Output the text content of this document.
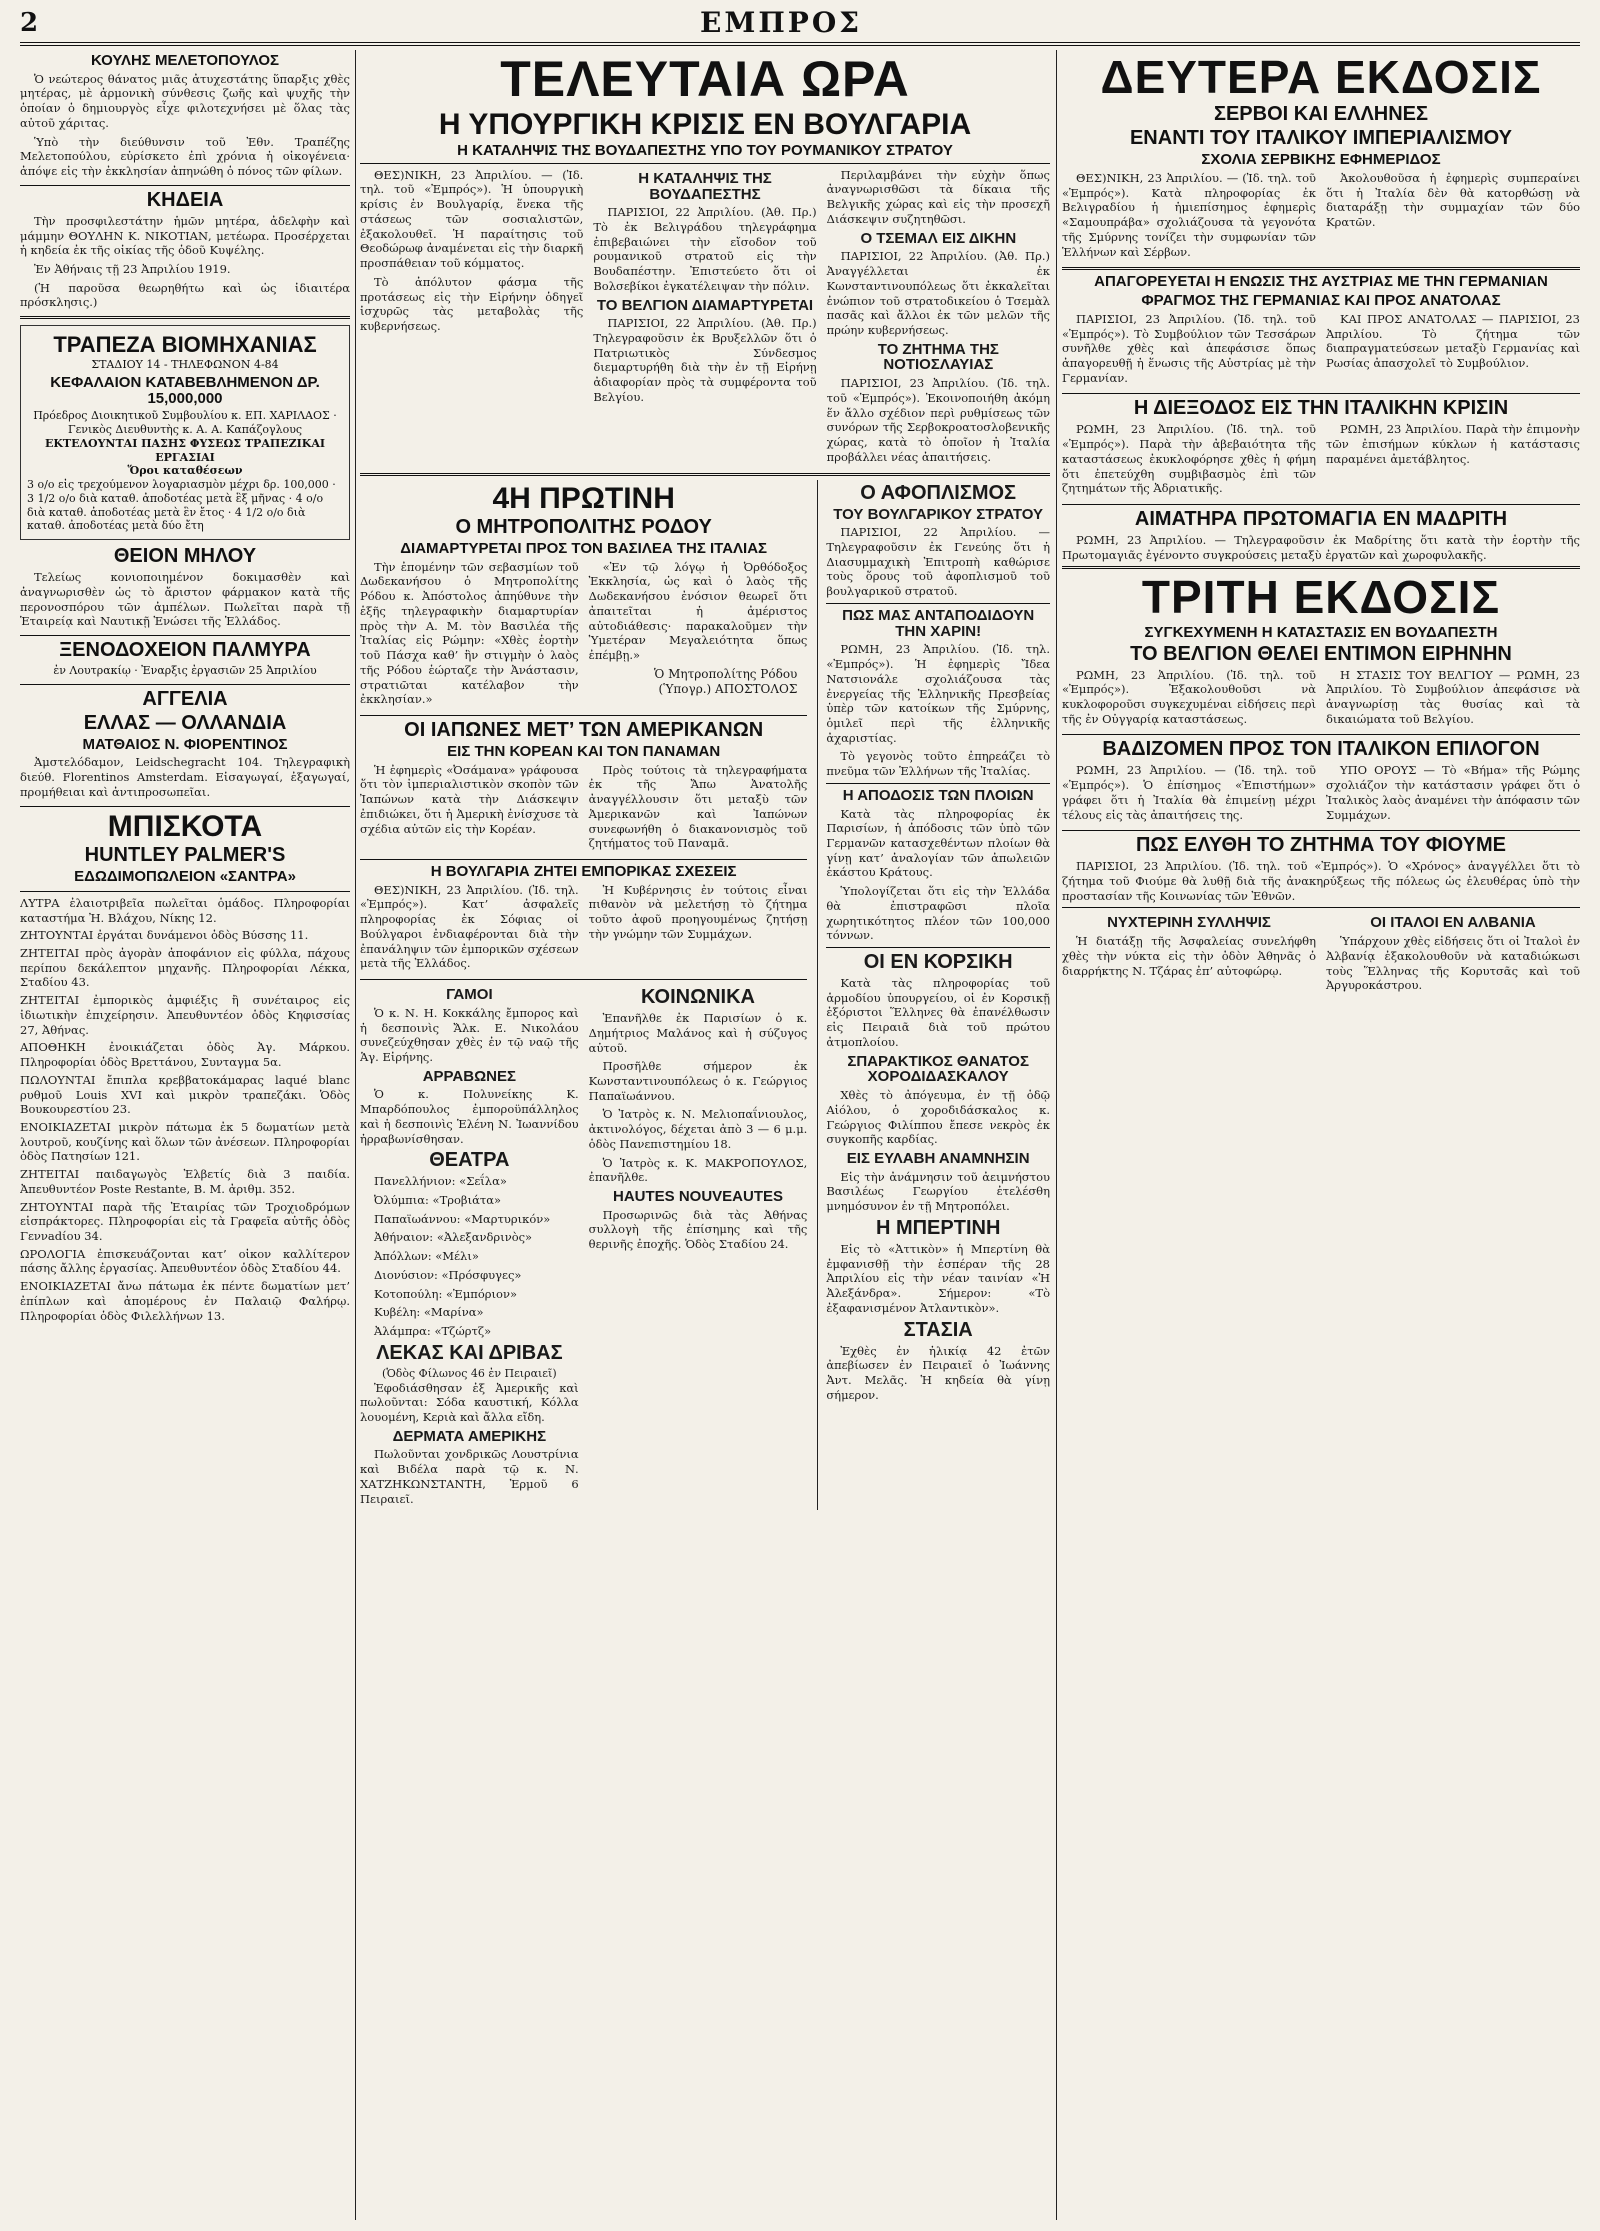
2	ΕΜΠΡΟΣ
ΚΟΥΛΗΣ ΜΕΛΕΤΟΠΟΥΛΟΣ

Ὁ νεώτερος θάνατος μιᾶς ἀτυχεστάτης ὕπαρξις χθὲς μητέρας, μὲ ἀρμονικὴ σύνθεσις ζωῆς καὶ ψυχῆς τὴν ὁποίαν ὁ δημιουργὸς εἶχε φιλοτεχνήσει μὲ ὅλας τὰς αὐτοῦ χάριτας.

Ὑπὸ τὴν διεύθυνσιν τοῦ Ἐθν. Τραπέζης Μελετοπούλου, εὐρίσκετο ἐπὶ χρόνια ἡ οἰκογένεια· ἀπόψε εἰς τὴν ἐκκλησίαν ἀπηνώθη ὁ πόνος τῶν φίλων.

ΚΗΔΕΙΑ

Τὴν προσφιλεστάτην ἡμῶν μητέρα, ἀδελφὴν καὶ μάμμην ΘΟΥΛΗΝ Κ. ΝΙΚΟΤΙΑΝ, μετέωρα. Προσέρχεται ἡ κηδεία ἐκ τῆς οἰκίας τῆς ὁδοῦ Κυψέλης.

Ἐν Ἀθήναις τῇ 23 Ἀπριλίου 1919.

(Ἡ παροῦσα θεωρηθήτω καὶ ὡς ἰδιαιτέρα πρόσκλησις.)

ΤΡΑΠΕΖΑ ΒΙΟΜΗΧΑΝΙΑΣ
ΣΤΑΔΙΟΥ 14 - ΤΗΛΕΦΩΝΟΝ 4-84
ΚΕΦΑΛΑΙΟΝ ΚΑΤΑΒΕΒΛΗΜΕΝΟΝ ΔΡ. 15,000,000
Πρόεδρος Διοικητικοῦ Συμβουλίου κ. ΕΠ. ΧΑΡΙΛΑΟΣ · Γενικὸς Διευθυντὴς κ. Α. Α. Καπάζογλους
ΕΚΤΕΛΟΥΝΤΑΙ ΠΑΣΗΣ ΦΥΣΕΩΣ ΤΡΑΠΕΖΙΚΑΙ ΕΡΓΑΣΙΑΙ
Ὅροι καταθέσεων
3 ο/ο εἰς τρεχούμενον λογαριασμὸν μέχρι δρ. 100,000 · 3 1/2 ο/ο διὰ καταθ. ἀποδοτέας μετὰ ἓξ μῆνας · 4 ο/ο διὰ καταθ. ἀποδοτέας μετὰ ἓν ἔτος · 4 1/2 ο/ο διὰ καταθ. ἀποδοτέας μετὰ δύο ἔτη
ΘΕΙΟΝ ΜΗΛΟΥ

Τελείως κονιοποιημένον δοκιμασθὲν καὶ ἀναγνωρισθὲν ὡς τὸ ἄριστον φάρμακον κατὰ τῆς περονοσπόρου τῶν ἀμπέλων. Πωλεῖται παρὰ τῇ Ἑταιρείᾳ καὶ Ναυτικῇ Ἑνώσει τῆς Ἑλλάδος.

ΞΕΝΟΔΟΧΕΙΟΝ ΠΑΛΜΥΡΑ
ἐν Λουτρακίῳ · Ἐναρξις ἐργασιῶν 25 Ἀπριλίου
ΑΓΓΕΛΙΑ
ΕΛΛΑΣ — ΟΛΛΑΝΔΙΑ
ΜΑΤΘΑΙΟΣ Ν. ΦΙΟΡΕΝΤΙΝΟΣ

Ἀμστελόδαμον, Leidschegracht 104. Τηλεγραφικὴ διεύθ. Florentinos Amsterdam. Εἰσαγωγαί, ἐξαγωγαί, προμήθειαι καὶ ἀντιπροσωπεῖαι.

ΜΠΙΣΚΟΤΑ
HUNTLEY PALMER'S
ΕΔΩΔΙΜΟΠΩΛΕΙΟΝ «ΣΑΝΤΡΑ»

ΛΥΤΡΑ ἐλαιοτριβεῖα πωλεῖται ὁμάδος. Πληροφορίαι καταστήμα Ἠ. Βλάχου, Νίκης 12.

ΖΗΤΟΥΝΤΑΙ ἐργάται δυνάμενοι ὁδὸς Βύσσης 11.

ΖΗΤΕΙΤΑΙ πρὸς ἀγορὰν ἀποφάνιον εἰς φύλλα, πάχους περίπου δεκάλεπτον μηχανῆς. Πληροφορίαι Λέκκα, Σταδίου 43.

ΖΗΤΕΙΤΑΙ ἐμπορικὸς ἀμφιέξις ἢ συνέταιρος εἰς ἰδιωτικὴν ἐπιχείρησιν. Ἀπευθυντέον ὁδὸς Κηφισσίας 27, Ἀθήνας.

ΑΠΟΘΗΚΗ ἐνοικιάζεται ὁδὸς Ἀγ. Μάρκου. Πληροφορίαι ὁδὸς Βρεττάνου, Συνταγμα 5α.

ΠΩΛΟΥΝΤΑΙ ἔπιπλα κρεββατοκάμαρας laqué blanc ρυθμοῦ Louis XVI καὶ μικρὸν τραπεζάκι. Ὁδὸς Βουκουρεστίου 23.

ΕΝΟΙΚΙΑΖΕΤΑΙ μικρὸν πάτωμα ἐκ 5 δωματίων μετὰ λουτροῦ, κουζίνης καὶ ὅλων τῶν ἀνέσεων. Πληροφορίαι ὁδὸς Πατησίων 121.

ΖΗΤΕΙΤΑΙ παιδαγωγὸς Ἑλβετίς διὰ 3 παιδία. Ἀπευθυντέον Poste Restante, Β. Μ. ἀριθμ. 352.

ΖΗΤΟΥΝΤΑΙ παρὰ τῆς Ἑταιρίας τῶν Τροχιοδρόμων εἰσπράκτορες. Πληροφορίαι εἰς τὰ Γραφεῖα αὐτῆς ὁδὸς Γεννadίου 34.

ΩΡΟΛΟΓΙΑ ἐπισκευάζονται κατ’ οἰκον καλλίτερον πάσης ἄλλης ἐργασίας. Ἀπευθυντέον ὁδὸς Σταδίου 44.

ΕΝΟΙΚΙΑΖΕΤΑΙ ἄνω πάτωμα ἐκ πέντε δωματίων μετ’ ἐπίπλων καὶ ἀπομέρους ἐν Παλαιῷ Φαλήρῳ. Πληροφορίαι ὁδὸς Φιλελλήνων 13.

ΤΕΛΕΥΤΑΙΑ ΩΡΑ
Η ΥΠΟΥΡΓΙΚΗ ΚΡΙΣΙΣ ΕΝ ΒΟΥΛΓΑΡΙΑ
Η ΚΑΤΑΛΗΨΙΣ ΤΗΣ ΒΟΥΔΑΠΕΣΤΗΣ ΥΠΟ ΤΟΥ ΡΟΥΜΑΝΙΚΟΥ ΣΤΡΑΤΟΥ

ΘΕΣ)ΝΙΚΗ, 23 Ἀπριλίου. — (Ἰδ. τηλ. τοῦ «Ἐμπρός»). Ἡ ὑπουργικὴ κρίσις ἐν Βουλγαρίᾳ, ἕνεκα τῆς στάσεως τῶν σοσιαλιστῶν, ἐξακολουθεῖ. Ἡ παραίτησις τοῦ Θεοδώρωφ ἀναμένεται εἰς τὴν διαρκῆ προσπάθειαν τοῦ κόμματος.

Τὸ ἀπόλυτον φάσμα τῆς προτάσεως εἰς τὴν Εἰρήνην ὁδηγεῖ ἰσχυρῶς τὰς μεταβολὰς τῆς κυβερνήσεως.

Η ΚΑΤΑΛΗΨΙΣ ΤΗΣ ΒΟΥΔΑΠΕΣΤΗΣ

ΠΑΡΙΣΙΟΙ, 22 Ἀπριλίου. (Ἀθ. Πρ.) Τὸ ἐκ Βελιγράδου τηλεγράφημα ἐπιβεβαιώνει τὴν εἴσοδον τοῦ ρουμανικοῦ στρατοῦ εἰς τὴν Βουδαπέστην. Ἐπιστεύετο ὅτι οἱ Βολσεβίκοι ἐγκατέλειψαν τὴν πόλιν.

ΤΟ ΒΕΛΓΙΟΝ ΔΙΑΜΑΡΤΥΡΕΤΑΙ

ΠΑΡΙΣΙΟΙ, 22 Ἀπριλίου. (Ἀθ. Πρ.) Τηλεγραφοῦσιν ἐκ Βρυξελλῶν ὅτι ὁ Πατριωτικὸς Σύνδεσμος διεμαρτυρήθη διὰ τὴν ἐν τῇ Εἰρήνῃ ἀδιαφορίαν πρὸς τὰ συμφέροντα τοῦ Βελγίου.

Περιλαμβάνει τὴν εὐχὴν ὅπως ἀναγνωρισθῶσι τὰ δίκαια τῆς Βελγικῆς χώρας καὶ εἰς τὴν προσεχῆ Διάσκεψιν συζητηθῶσι.

Ο ΤΣΕΜΑΛ ΕΙΣ ΔΙΚΗΝ

ΠΑΡΙΣΙΟΙ, 22 Ἀπριλίου. (Ἀθ. Πρ.) Ἀναγγέλλεται ἐκ Κωνσταντινουπόλεως ὅτι ἐκκαλεῖται ἐνώπιον τοῦ στρατοδικείου ὁ Τσεμὰλ πασᾶς καὶ ἄλλοι ἐκ τῶν μελῶν τῆς πρώην κυβερνήσεως.

ΤΟ ΖΗΤΗΜΑ ΤΗΣ ΝΟΤΙΟΣΛΑΥΙΑΣ

ΠΑΡΙΣΙΟΙ, 23 Ἀπριλίου. (Ἰδ. τηλ. τοῦ «Ἐμπρός»). Ἐκοινοποιήθη ἀκόμη ἕν ἄλλο σχέδιον περὶ ρυθμίσεως τῶν συνόρων τῆς Σερβοκροατοσλοβενικῆς χώρας, κατὰ τὸ ὁποῖον ἡ Ἰταλία προβάλλει νέας ἀπαιτήσεις.

4Η ΠΡΩΤΙΝΗ
Ο ΜΗΤΡΟΠΟΛΙΤΗΣ ΡΟΔΟΥ
ΔΙΑΜΑΡΤΥΡΕΤΑΙ ΠΡΟΣ ΤΟΝ ΒΑΣΙΛΕΑ ΤΗΣ ΙΤΑΛΙΑΣ

Τὴν ἐπομένην τῶν σεβασμίων τοῦ Δωδεκανήσου ὁ Μητροπολίτης Ρόδου κ. Ἀπόστολος ἀπηύθυνε τὴν ἑξῆς τηλεγραφικὴν διαμαρτυρίαν πρὸς τὴν Α. Μ. τὸν Βασιλέα τῆς Ἰταλίας εἰς Ρώμην: «Χθὲς ἑορτὴν τοῦ Πάσχα καθ’ ἣν στιγμὴν ὁ λαὸς τῆς Ρόδου ἑώρταζε τὴν Ἀνάστασιν, στρατιῶται κατέλαβον τὴν ἐκκλησίαν.»

«Ἐν τῷ λόγῳ ἡ Ὀρθόδοξος Ἐκκλησία, ὡς καὶ ὁ λαὸς τῆς Δωδεκανήσου ἐνόσιον θεωρεῖ ὅτι ἀπαιτεῖται ἡ ἀμέριστος αὐτοδιάθεσις· παρακαλοῦμεν τὴν Ὑμετέραν Μεγαλειότητα ὅπως ἐπέμβῃ.»

Ὁ Μητροπολίτης Ρόδου (Ὑπογρ.) ΑΠΟΣΤΟΛΟΣ
ΟΙ ΙΑΠΩΝΕΣ ΜΕΤ’ ΤΩΝ ΑΜΕΡΙΚΑΝΩΝ
ΕΙΣ ΤΗΝ ΚΟΡΕΑΝ ΚΑΙ ΤΟΝ ΠΑΝΑΜΑΝ

Ἡ ἐφημερὶς «Ὀσάμανα» γράφουσα ὅτι τὸν ἰμπεριαλιστικὸν σκοπὸν τῶν Ἰαπώνων κατὰ τὴν Διάσκεψιν ἐπιδιώκει, ὅτι ἡ Ἀμερικὴ ἐνίσχυσε τὰ σχέδια αὐτῶν εἰς τὴν Κορέαν.

Πρὸς τούτοις τὰ τηλεγραφήματα ἐκ τῆς Ἄπω Ἀνατολῆς ἀναγγέλλουσιν ὅτι μεταξὺ τῶν Ἀμερικανῶν καὶ Ἰαπώνων συνεφωνήθη ὁ διακανονισμὸς τοῦ ζητήματος τοῦ Παναμᾶ.

Η ΒΟΥΛΓΑΡΙΑ ΖΗΤΕΙ ΕΜΠΟΡΙΚΑΣ ΣΧΕΣΕΙΣ

ΘΕΣ)ΝΙΚΗ, 23 Ἀπριλίου. (Ἰδ. τηλ. «Ἐμπρός»). Κατ’ ἀσφαλεῖς πληροφορίας ἐκ Σόφιας οἱ Βούλγαροι ἐνδιαφέρονται διὰ τὴν ἐπανάληψιν τῶν ἐμπορικῶν σχέσεων μετὰ τῆς Ἑλλάδος.

Ἡ Κυβέρνησις ἐν τούτοις εἶναι πιθανὸν νὰ μελετήσῃ τὸ ζήτημα τοῦτο ἀφοῦ προηγουμένως ζητήσῃ τὴν γνώμην τῶν Συμμάχων.

ΓΑΜΟΙ

Ὁ κ. Ν. Η. Κοκκάλης ἔμπορος καὶ ἡ δεσποινὶς Ἄλκ. Ε. Νικολάου συνεζεύχθησαν χθὲς ἐν τῷ ναῷ τῆς Ἁγ. Εἰρήνης.

ΑΡΡΑΒΩΝΕΣ

Ὁ κ. Πολυνείκης Κ. Μπαρδόπουλος ἐμποροϋπάλληλος καὶ ἡ δεσποινὶς Ἑλένη Ν. Ἰωαννίδου ἠρραβωνίσθησαν.

ΘΕΑΤΡΑ

Πανελλήνιον: «Σεΐλα»

Ὀλύμπια: «Τροβιάτα»

Παπαϊωάννου: «Μαρτυρικόν»

Ἀθήναιον: «Ἀλεξανδρινὸς»

Ἀπόλλων: «Μέλι»

Διονύσιον: «Πρόσφυγες»

Κοτοπούλη: «Ἐμπόριον»

Κυβέλη: «Μαρίνα»

Ἀλάμπρα: «Τζώρτζ»

ΛΕΚΑΣ ΚΑΙ ΔΡΙΒΑΣ
(Ὁδὸς Φίλωνος 46 ἐν Πειραιεῖ)

Ἐφοδιάσθησαν ἐξ Ἀμερικῆς καὶ πωλοῦνται: Σόδα καυστική, Κόλλα λουομένη, Κεριὰ καὶ ἄλλα εἴδη.

ΔΕΡΜΑΤΑ ΑΜΕΡΙΚΗΣ

Πωλοῦνται χονδρικῶς Λουστρίνια καὶ Βιδέλα παρὰ τῷ κ. Ν. ΧΑΤΖΗΚΩΝΣΤΑΝΤΗ, Ἑρμοῦ 6 Πειραιεῖ.

ΚΟΙΝΩΝΙΚΑ

Ἐπανῆλθε ἐκ Παρισίων ὁ κ. Δημήτριος Μαλάνος καὶ ἡ σύζυγος αὐτοῦ.

Προσῆλθε σήμερον ἐκ Κωνσταντινουπόλεως ὁ κ. Γεώργιος Παπαϊωάννου.

Ὁ Ἰατρὸς κ. Ν. Μελιοπαΐνιουλος, ἀκτινολόγος, δέχεται ἀπὸ 3 — 6 μ.μ. ὁδὸς Πανεπιστημίου 18.

Ὁ Ἰατρὸς κ. Κ. ΜΑΚΡΟΠΟΥΛΟΣ, ἐπανῆλθε.

HAUTES NOUVEAUTES

Προσωρινῶς διὰ τὰς Ἀθήνας συλλογὴ τῆς ἐπίσημης καὶ τῆς θερινῆς ἐποχῆς. Ὁδὸς Σταδίου 24.

Ο ΑΦΟΠΛΙΣΜΟΣ
ΤΟΥ ΒΟΥΛΓΑΡΙΚΟΥ ΣΤΡΑΤΟΥ

ΠΑΡΙΣΙΟΙ, 22 Ἀπριλίου. — Τηλεγραφοῦσιν ἐκ Γενεύης ὅτι ἡ Διασυμμαχικὴ Ἐπιτροπὴ καθώρισε τοὺς ὅρους τοῦ ἀφοπλισμοῦ τοῦ βουλγαρικοῦ στρατοῦ.

ΠΩΣ ΜΑΣ ΑΝΤΑΠΟΔΙΔΟΥΝ ΤΗΝ ΧΑΡΙΝ!

ΡΩΜΗ, 23 Ἀπριλίου. (Ἰδ. τηλ. «Ἐμπρός»). Ἡ ἐφημερὶς Ἴδεα Νατσιονάλε σχολιάζουσα τὰς ἐνεργείας τῆς Ἑλληνικῆς Πρεσβείας ὑπὲρ τῶν κατοίκων τῆς Σμύρνης, ὁμιλεῖ περὶ τῆς ἐλληνικῆς ἀχαριστίας.

Τὸ γεγονὸς τοῦτο ἐπηρεάζει τὸ πνεῦμα τῶν Ἑλλήνων τῆς Ἰταλίας.

Η ΑΠΟΔΟΣΙΣ ΤΩΝ ΠΛΟΙΩΝ

Κατὰ τὰς πληροφορίας ἐκ Παρισίων, ἡ ἀπόδοσις τῶν ὑπὸ τῶν Γερμανῶν κατασχεθέντων πλοίων θὰ γίνῃ κατ’ ἀναλογίαν τῶν ἀπωλειῶν ἑκάστου Κράτους.

Ὑπολογίζεται ὅτι εἰς τὴν Ἑλλάδα θὰ ἐπιστραφῶσι πλοῖα χωρητικότητος πλέον τῶν 100,000 τόννων.

ΟΙ ΕΝ ΚΟΡΣΙΚΗ

Κατὰ τὰς πληροφορίας τοῦ ἁρμοδίου ὑπουργείου, οἱ ἐν Κορσικῇ ἐξόριστοι Ἕλληνες θὰ ἐπανέλθωσιν εἰς Πειραιᾶ διὰ τοῦ πρώτου ἀτμοπλοίου.

ΣΠΑΡΑΚΤΙΚΟΣ ΘΑΝΑΤΟΣ ΧΟΡΟΔΙΔΑΣΚΑΛΟΥ

Χθὲς τὸ ἀπόγευμα, ἐν τῇ ὁδῷ Αἰόλου, ὁ χοροδιδάσκαλος κ. Γεώργιος Φιλίππου ἔπεσε νεκρὸς ἐκ συγκοπῆς καρδίας.

ΕΙΣ ΕΥΛΑΒΗ ΑΝΑΜΝΗΣΙΝ

Εἰς τὴν ἀνάμνησιν τοῦ ἀειμνήστου Βασιλέως Γεωργίου ἐτελέσθη μνημόσυνον ἐν τῇ Μητροπόλει.

Η ΜΠΕΡΤΙΝΗ

Εἰς τὸ «Ἀττικὸν» ἡ Μπερτίνη θὰ ἐμφανισθῇ τὴν ἑσπέραν τῆς 28 Ἀπριλίου εἰς τὴν νέαν ταινίαν «Ἡ Ἀλεξάνδρα». Σήμερον: «Τὸ ἐξαφανισμένον Ἀτλαντικὸν».

ΣΤΑΣΙΑ

Ἐχθὲς ἐν ἡλικίᾳ 42 ἐτῶν ἀπεβίωσεν ἐν Πειραιεῖ ὁ Ἰωάννης Ἀντ. Μελᾶς. Ἡ κηδεία θὰ γίνῃ σήμερον.

ΔΕΥΤΕΡΑ ΕΚΔΟΣΙΣ
ΣΕΡΒΟΙ ΚΑΙ ΕΛΛΗΝΕΣ
ΕΝΑΝΤΙ ΤΟΥ ΙΤΑΛΙΚΟΥ ΙΜΠΕΡΙΑΛΙΣΜΟΥ
ΣΧΟΛΙΑ ΣΕΡΒΙΚΗΣ ΕΦΗΜΕΡΙΔΟΣ

ΘΕΣ)ΝΙΚΗ, 23 Ἀπριλίου. — (Ἰδ. τηλ. τοῦ «Ἐμπρός»). Κατὰ πληροφορίας ἐκ Βελιγραδίου ἡ ἡμιεπίσημος ἐφημερὶς «Σαμουπράβα» σχολιάζουσα τὰ γεγονότα τῆς Σμύρνης τονίζει τὴν συμφωνίαν τῶν Ἑλλήνων καὶ Σέρβων.

Ἀκολουθοῦσα ἡ ἐφημερὶς συμπεραίνει ὅτι ἡ Ἰταλία δὲν θὰ κατορθώσῃ νὰ διαταράξῃ τὴν συμμαχίαν τῶν δύο Κρατῶν.

ΑΠΑΓΟΡΕΥΕΤΑΙ Η ΕΝΩΣΙΣ ΤΗΣ ΑΥΣΤΡΙΑΣ ΜΕ ΤΗΝ ΓΕΡΜΑΝΙΑΝ
ΦΡΑΓΜΟΣ ΤΗΣ ΓΕΡΜΑΝΙΑΣ ΚΑΙ ΠΡΟΣ ΑΝΑΤΟΛΑΣ

ΠΑΡΙΣΙΟΙ, 23 Ἀπριλίου. (Ἰδ. τηλ. τοῦ «Ἐμπρός»). Τὸ Συμβούλιον τῶν Τεσσάρων συνῆλθε χθὲς καὶ ἀπεφάσισε ὅπως ἀπαγορευθῇ ἡ ἕνωσις τῆς Αὐστρίας μὲ τὴν Γερμανίαν.

ΚΑΙ ΠΡΟΣ ΑΝΑΤΟΛΑΣ — ΠΑΡΙΣΙΟΙ, 23 Ἀπριλίου. Τὸ ζήτημα τῶν διαπραγματεύσεων μεταξὺ Γερμανίας καὶ Ρωσίας ἀπασχολεῖ τὸ Συμβούλιον.

Η ΔΙΕΞΟΔΟΣ ΕΙΣ ΤΗΝ ΙΤΑΛΙΚΗΝ ΚΡΙΣΙΝ

ΡΩΜΗ, 23 Ἀπριλίου. (Ἰδ. τηλ. τοῦ «Ἐμπρός»). Παρὰ τὴν ἀβεβαιότητα τῆς καταστάσεως ἐκυκλοφόρησε χθὲς ἡ φήμη ὅτι ἐπετεύχθη συμβιβασμὸς ἐπὶ τῶν ζητημάτων τῆς Ἀδριατικῆς.

ΡΩΜΗ, 23 Ἀπριλίου. Παρὰ τὴν ἐπιμονὴν τῶν ἐπισήμων κύκλων ἡ κατάστασις παραμένει ἀμετάβλητος.

ΑΙΜΑΤΗΡΑ ΠΡΩΤΟΜΑΓΙΑ ΕΝ ΜΑΔΡΙΤΗ

ΡΩΜΗ, 23 Ἀπριλίου. — Τηλεγραφοῦσιν ἐκ Μαδρίτης ὅτι κατὰ τὴν ἑορτὴν τῆς Πρωτομαγιᾶς ἐγένοντο συγκρούσεις μεταξὺ ἐργατῶν καὶ χωροφυλακῆς.

ΤΡΙΤΗ ΕΚΔΟΣΙΣ
ΣΥΓΚΕΧΥΜΕΝΗ Η ΚΑΤΑΣΤΑΣΙΣ ΕΝ ΒΟΥΔΑΠΕΣΤΗ
ΤΟ ΒΕΛΓΙΟΝ ΘΕΛΕΙ ΕΝΤΙΜΟΝ ΕΙΡΗΝΗΝ

ΡΩΜΗ, 23 Ἀπριλίου. (Ἰδ. τηλ. τοῦ «Ἐμπρός»). Ἐξακολουθοῦσι νὰ κυκλοφοροῦσι συγκεχυμέναι εἰδήσεις περὶ τῆς ἐν Οὐγγαρίᾳ καταστάσεως.

Η ΣΤΑΣΙΣ ΤΟΥ ΒΕΛΓΙΟΥ — ΡΩΜΗ, 23 Ἀπριλίου. Τὸ Συμβούλιον ἀπεφάσισε νὰ ἀναγνωρίσῃ τὰς θυσίας καὶ τὰ δικαιώματα τοῦ Βελγίου.

ΒΑΔΙΖΟΜΕΝ ΠΡΟΣ ΤΟΝ ΙΤΑΛΙΚΟΝ ΕΠΙΛΟΓΟΝ

ΡΩΜΗ, 23 Ἀπριλίου. — (Ἰδ. τηλ. τοῦ «Ἐμπρός»). Ὁ ἐπίσημος «Ἐπιστήμων» γράφει ὅτι ἡ Ἰταλία θὰ ἐπιμείνῃ μέχρι τέλους εἰς τὰς ἀπαιτήσεις της.

ΥΠΟ ΟΡΟΥΣ — Τὸ «Βήμα» τῆς Ρώμης σχολιάζον τὴν κατάστασιν γράφει ὅτι ὁ Ἰταλικὸς λαὸς ἀναμένει τὴν ἀπόφασιν τῶν Συμμάχων.

ΠΩΣ ΕΛΥΘΗ ΤΟ ΖΗΤΗΜΑ ΤΟΥ ΦΙΟΥΜΕ

ΠΑΡΙΣΙΟΙ, 23 Ἀπριλίου. (Ἰδ. τηλ. τοῦ «Ἐμπρός»). Ὁ «Χρόνος» ἀναγγέλλει ὅτι τὸ ζήτημα τοῦ Φιούμε θὰ λυθῇ διὰ τῆς ἀνακηρύξεως τῆς πόλεως ὡς ἐλευθέρας ὑπὸ τὴν προστασίαν τῆς Κοινωνίας τῶν Ἐθνῶν.

ΝΥΧΤΕΡΙΝΗ ΣΥΛΛΗΨΙΣ

Ἡ διατάξῃ τῆς Ἀσφαλείας συνελήφθη χθὲς τὴν νύκτα εἰς τὴν ὁδὸν Ἀθηνᾶς ὁ διαρρήκτης Ν. Τζάρας ἐπ’ αὐτοφώρῳ.

ΟΙ ΙΤΑΛΟΙ ΕΝ ΑΛΒΑΝΙΑ

Ὑπάρχουν χθὲς εἰδήσεις ὅτι οἱ Ἰταλοὶ ἐν Ἀλβανίᾳ ἐξακολουθοῦν νὰ καταδιώκωσι τοὺς Ἕλληνας τῆς Κορυτσᾶς καὶ τοῦ Ἀργυροκάστρου.
